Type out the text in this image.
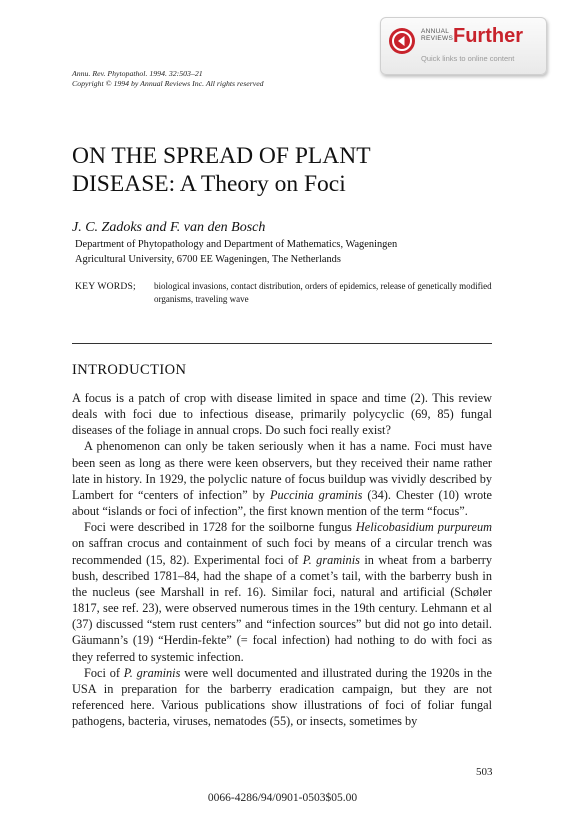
ANNUAL
REVIEWS Further
Quick links to online content
Annu. Rev. Phytopathol. 1994. 32:503–21
Copyright © 1994 by Annual Reviews Inc. All rights reserved
ON THE SPREAD OF PLANT
DISEASE: A Theory on Foci
J. C. Zadoks and F. van den Bosch
Department of Phytopathology and Department of Mathematics, Wageningen
Agricultural University, 6700 EE Wageningen, The Netherlands
KEY WORDS; biological invasions, contact distribution, orders of epidemics, release of genetically modified organisms, traveling wave
INTRODUCTION

A focus is a patch of crop with disease limited in space and time (2). This review deals with foci due to infectious disease, primarily polycyclic (69, 85) fungal diseases of the foliage in annual crops. Do such foci really exist?

A phenomenon can only be taken seriously when it has a name. Foci must have been seen as long as there were keen observers, but they received their name rather late in history. In 1929, the polyclic nature of focus buildup was vividly described by Lambert for “centers of infection” by Puccinia graminis (34). Chester (10) wrote about “islands or foci of infection”, the first known mention of the term “focus”.

Foci were described in 1728 for the soilborne fungus Helicobasidium purpureum on saffran crocus and containment of such foci by means of a circular trench was recommended (15, 82). Experimental foci of P. graminis in wheat from a barberry bush, described 1781–84, had the shape of a comet’s tail, with the barberry bush in the nucleus (see Marshall in ref. 16). Similar foci, natural and artificial (Schøler 1817, see ref. 23), were observed numerous times in the 19th century. Lehmann et al (37) discussed “stem rust centers” and “infection sources” but did not go into detail. Gäumann’s (19) “Herdin-fekte” (= focal infection) had nothing to do with foci as they referred to systemic infection.

Foci of P. graminis were well documented and illustrated during the 1920s in the USA in preparation for the barberry eradication campaign, but they are not referenced here. Various publications show illustrations of foci of foliar fungal pathogens, bacteria, viruses, nematodes (55), or insects, sometimes by

503
0066-4286/94/0901-0503$05.00
